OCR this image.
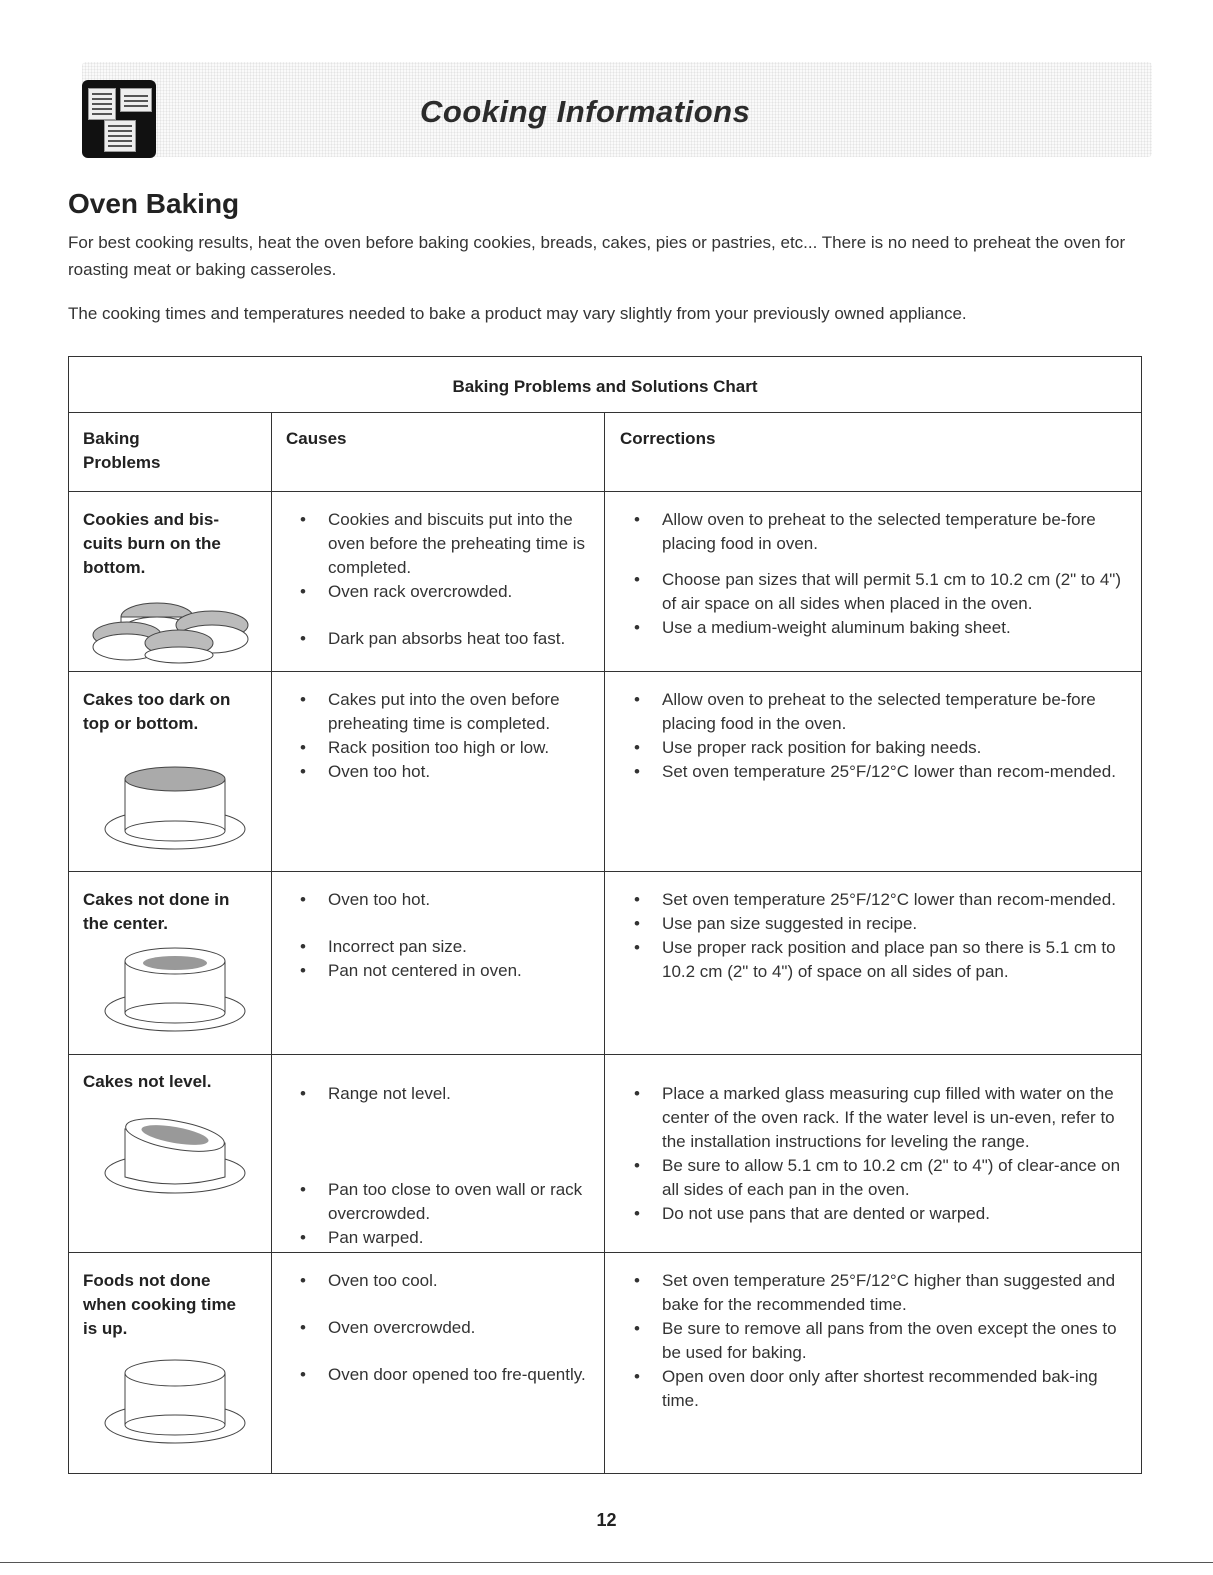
Cooking Informations
Oven Baking
For best cooking results, heat the oven before baking cookies, breads, cakes, pies or pastries, etc... There is no need to preheat the oven for roasting meat or baking casseroles.
The cooking times and temperatures needed to bake a product may vary slightly from your previously owned appliance.
Baking Problems and Solutions Chart
Baking
Problems
Causes	Corrections
Cookies and bis-
cuits burn on the
bottom.
• Cookies and biscuits put into the oven before the preheating time is completed.
• Oven rack overcrowded.
• Dark pan absorbs heat too fast.
• Allow oven to preheat to the selected temperature be-fore placing food in oven.
• Choose pan sizes that will permit 5.1 cm to 10.2 cm (2" to 4") of air space on all sides when placed in the oven.
• Use a medium-weight aluminum baking sheet.
Cakes too dark on
top or bottom.
• Cakes put into the oven before preheating time is completed.
• Rack position too high or low.
• Oven too hot.
• Allow oven to preheat to the selected temperature be-fore placing food in the oven.
• Use proper rack position for baking needs.
• Set oven temperature 25°F/12°C lower than recom-mended.
Cakes not done in
the center.
• Oven too hot.
• Incorrect pan size.
• Pan not centered in oven.
• Set oven temperature 25°F/12°C lower than recom-mended.
• Use pan size suggested in recipe.
• Use proper rack position and place pan so there is 5.1 cm to 10.2 cm (2" to 4") of space on all sides of pan.
Cakes not level.
• Range not level.
• Pan too close to oven wall or rack overcrowded.
• Pan warped.
• Place a marked glass measuring cup filled with water on the center of the oven rack. If the water level is un-even, refer to the installation instructions for leveling the range.
• Be sure to allow 5.1 cm to 10.2 cm (2" to 4") of clear-ance on all sides of each pan in the oven.
• Do not use pans that are dented or warped.
Foods not done
when cooking time
is up.
• Oven too cool.
• Oven overcrowded.
• Oven door opened too fre-quently.
• Set oven temperature 25°F/12°C higher than suggested and bake for the recommended time.
• Be sure to remove all pans from the oven except the ones to be used for baking.
• Open oven door only after shortest recommended bak-ing time.
12
